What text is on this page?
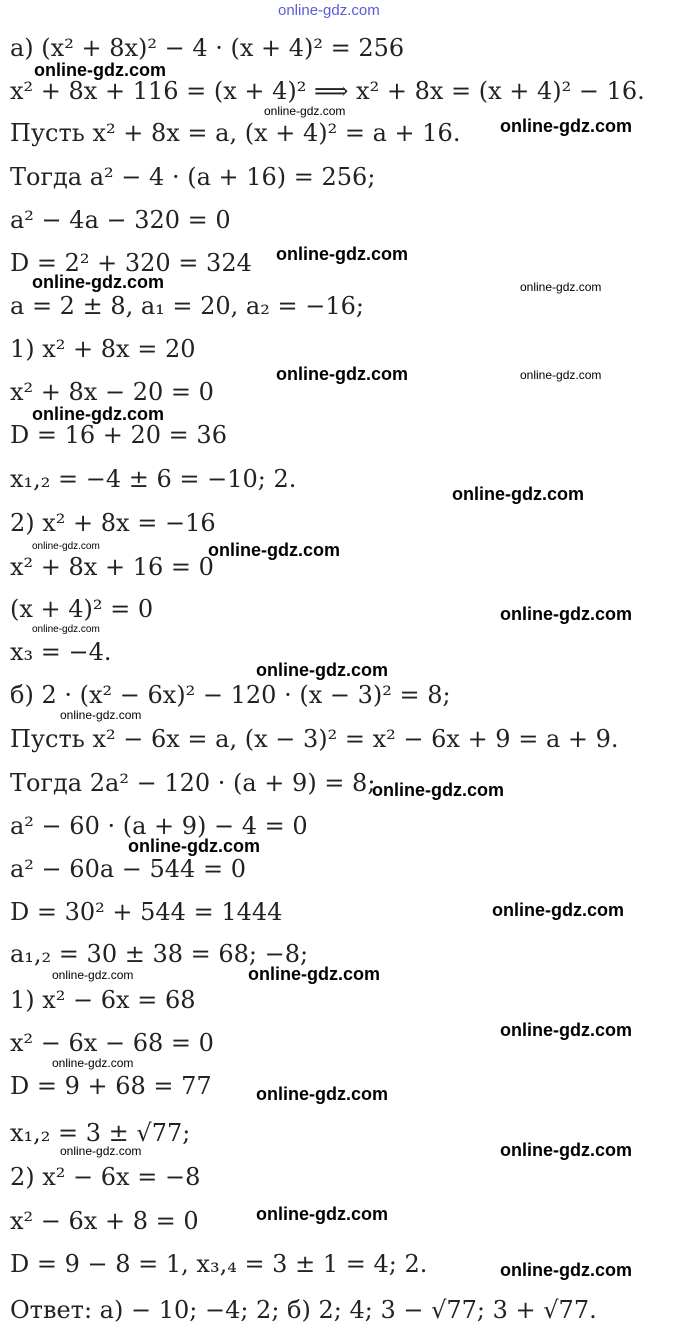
online-gdz.com
а) (x² + 8x)² − 4 · (x + 4)² = 256
x² + 8x + 116 = (x + 4)² ⟹ x² + 8x = (x + 4)² − 16.
Пусть x² + 8x = a, (x + 4)² = a + 16.
Тогда a² − 4 · (a + 16) = 256;
a² − 4a − 320 = 0
D = 2² + 320 = 324
a = 2 ± 8, a₁ = 20, a₂ = −16;
1) x² + 8x = 20
x² + 8x − 20 = 0
D = 16 + 20 = 36
x₁,₂ = −4 ± 6 = −10; 2.
2) x² + 8x = −16
x² + 8x + 16 = 0
(x + 4)² = 0
x₃ = −4.
б) 2 · (x² − 6x)² − 120 · (x − 3)² = 8;
Пусть x² − 6x = a, (x − 3)² = x² − 6x + 9 = a + 9.
Тогда 2a² − 120 · (a + 9) = 8;
a² − 60 · (a + 9) − 4 = 0
a² − 60a − 544 = 0
D = 30² + 544 = 1444
a₁,₂ = 30 ± 38 = 68; −8;
1) x² − 6x = 68
x² − 6x − 68 = 0
D = 9 + 68 = 77
x₁,₂ = 3 ± √77;
2) x² − 6x = −8
x² − 6x + 8 = 0
D = 9 − 8 = 1, x₃,₄ = 3 ± 1 = 4; 2.
Ответ: а) − 10; −4; 2; б) 2; 4; 3 − √77; 3 + √77.
online-gdz.com
online-gdz.com
online-gdz.com
online-gdz.com
online-gdz.com	online-gdz.com
online-gdz.com	online-gdz.com
online-gdz.com
online-gdz.com
online-gdz.com	online-gdz.com
online-gdz.com
online-gdz.com
online-gdz.com
online-gdz.com
online-gdz.com
online-gdz.com
online-gdz.com
online-gdz.com	online-gdz.com
online-gdz.com
online-gdz.com
online-gdz.com
online-gdz.com	online-gdz.com
online-gdz.com
online-gdz.com
